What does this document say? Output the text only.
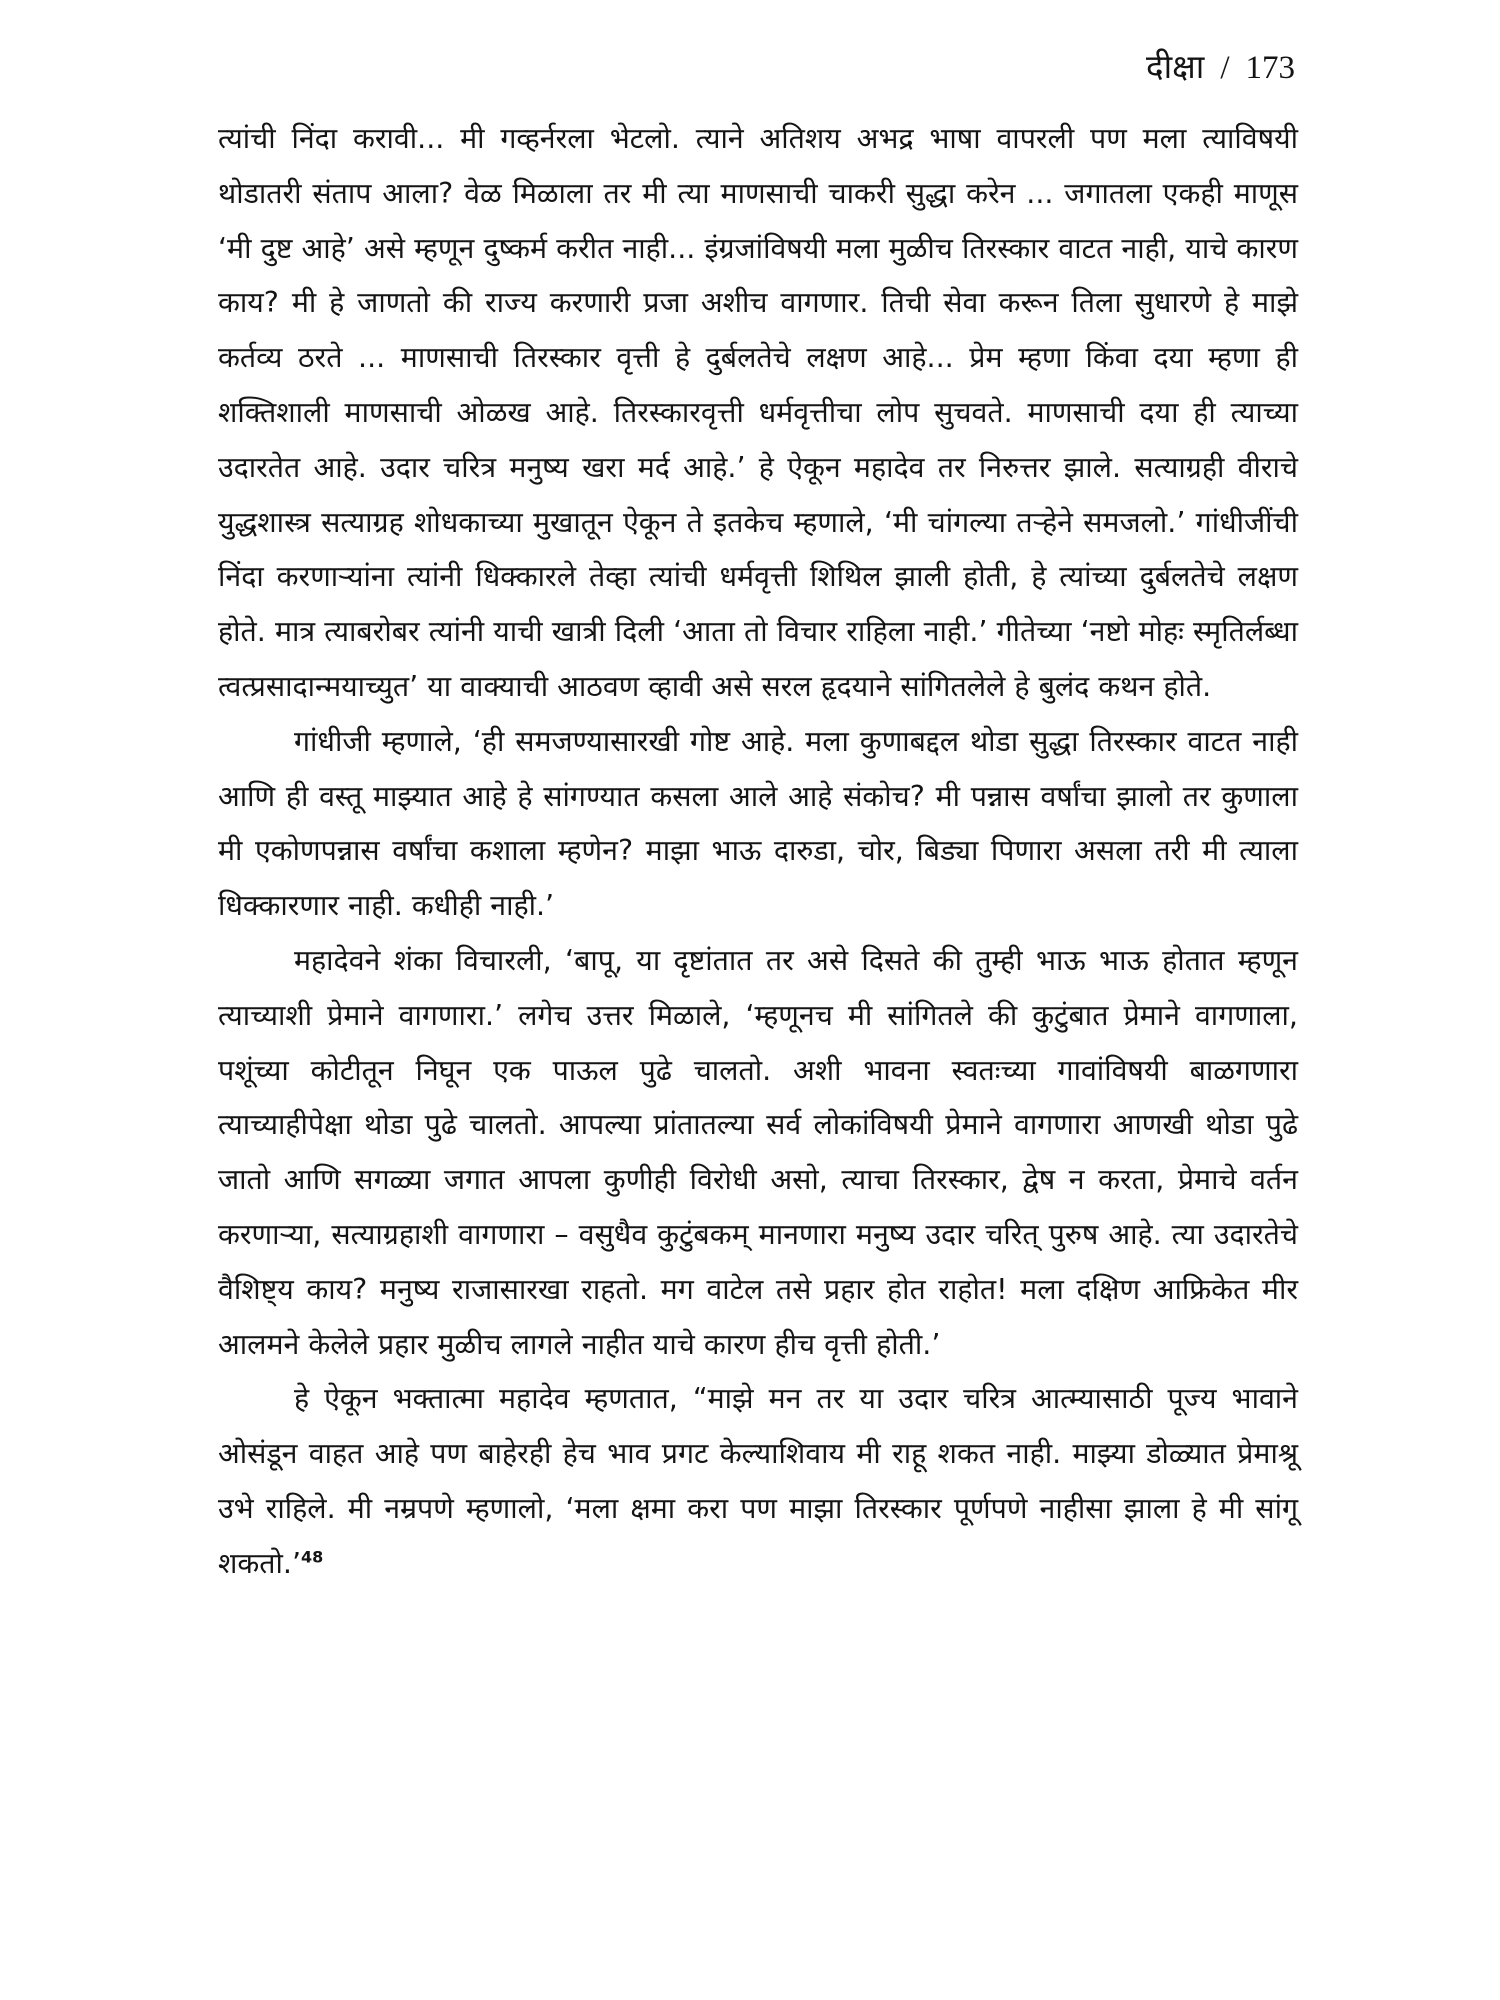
दीक्षा / 173

त्यांची निंदा करावी... मी गव्हर्नरला भेटलो. त्याने अतिशय अभद्र भाषा वापरली पण मला त्याविषयी थोडातरी संताप आला? वेळ मिळाला तर मी त्या माणसाची चाकरी सुद्धा करेन ... जगातला एकही माणूस ‘मी दुष्ट आहे’ असे म्हणून दुष्कर्म करीत नाही... इंग्रजांविषयी मला मुळीच तिरस्कार वाटत नाही, याचे कारण काय? मी हे जाणतो की राज्य करणारी प्रजा अशीच वागणार. तिची सेवा करून तिला सुधारणे हे माझे कर्तव्य ठरते ... माणसाची तिरस्कार वृत्ती हे दुर्बलतेचे लक्षण आहे... प्रेम म्हणा किंवा दया म्हणा ही शक्तिशाली माणसाची ओळख आहे. तिरस्कारवृत्ती धर्मवृत्तीचा लोप सुचवते. माणसाची दया ही त्याच्या उदारतेत आहे. उदार चरित्र मनुष्य खरा मर्द आहे.’ हे ऐकून महादेव तर निरुत्तर झाले. सत्याग्रही वीराचे युद्धशास्त्र सत्याग्रह शोधकाच्या मुखातून ऐकून ते इतकेच म्हणाले, ‘मी चांगल्या तऱ्हेने समजलो.’ गांधीजींची निंदा करणाऱ्यांना त्यांनी धिक्कारले तेव्हा त्यांची धर्मवृत्ती शिथिल झाली होती, हे त्यांच्या दुर्बलतेचे लक्षण होते. मात्र त्याबरोबर त्यांनी याची खात्री दिली ‘आता तो विचार राहिला नाही.’ गीतेच्या ‘नष्टो मोहः स्मृतिर्लब्धा त्वत्प्रसादान्मयाच्युत’ या वाक्याची आठवण व्हावी असे सरल हृदयाने सांगितलेले हे बुलंद कथन होते.

गांधीजी म्हणाले, ‘ही समजण्यासारखी गोष्ट आहे. मला कुणाबद्दल थोडा सुद्धा तिरस्कार वाटत नाही आणि ही वस्तू माझ्यात आहे हे सांगण्यात कसला आले आहे संकोच? मी पन्नास वर्षांचा झालो तर कुणाला मी एकोणपन्नास वर्षांचा कशाला म्हणेन? माझा भाऊ दारुडा, चोर, बिड्या पिणारा असला तरी मी त्याला धिक्कारणार नाही. कधीही नाही.’

महादेवने शंका विचारली, ‘बापू, या दृष्टांतात तर असे दिसते की तुम्ही भाऊ भाऊ होतात म्हणून त्याच्याशी प्रेमाने वागणारा.’ लगेच उत्तर मिळाले, ‘म्हणूनच मी सांगितले की कुटुंबात प्रेमाने वागणाला, पशूंच्या कोटीतून निघून एक पाऊल पुढे चालतो. अशी भावना स्वतःच्या गावांविषयी बाळगणारा त्याच्याहीपेक्षा थोडा पुढे चालतो. आपल्या प्रांतातल्या सर्व लोकांविषयी प्रेमाने वागणारा आणखी थोडा पुढे जातो आणि सगळ्या जगात आपला कुणीही विरोधी असो, त्याचा तिरस्कार, द्वेष न करता, प्रेमाचे वर्तन करणाऱ्या, सत्याग्रहाशी वागणारा – वसुधैव कुटुंबकम् मानणारा मनुष्य उदार चरित् पुरुष आहे. त्या उदारतेचे वैशिष्ट्य काय? मनुष्य राजासारखा राहतो. मग वाटेल तसे प्रहार होत राहोत! मला दक्षिण आफ्रिकेत मीर आलमने केलेले प्रहार मुळीच लागले नाहीत याचे कारण हीच वृत्ती होती.’

हे ऐकून भक्तात्मा महादेव म्हणतात, “माझे मन तर या उदार चरित्र आत्म्यासाठी पूज्य भावाने ओसंडून वाहत आहे पण बाहेरही हेच भाव प्रगट केल्याशिवाय मी राहू शकत नाही. माझ्या डोळ्यात प्रेमाश्रू उभे राहिले. मी नम्रपणे म्हणालो, ‘मला क्षमा करा पण माझा तिरस्कार पूर्णपणे नाहीसा झाला हे मी सांगू शकतो.’$^{48}$
